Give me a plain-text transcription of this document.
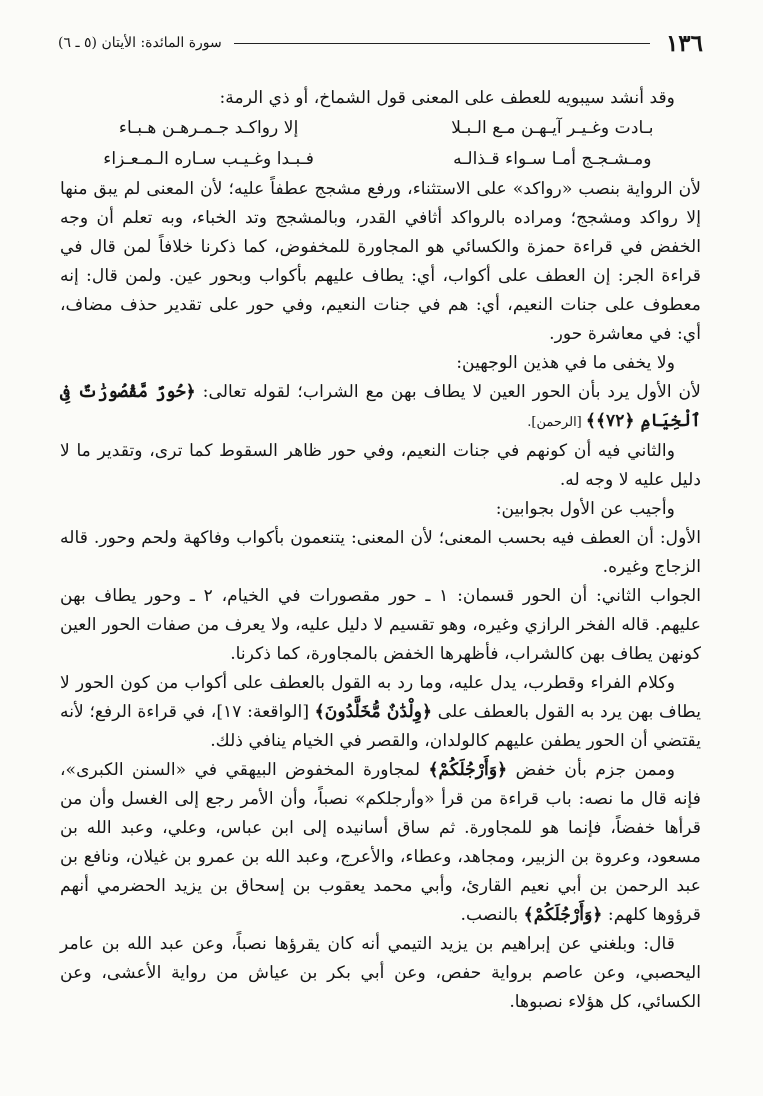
١٣٦
سورة المائدة: الأيتان (٥ ـ ٦)

وقد أنشد سيبويه للعطف على المعنى قول الشماخ، أو ذي الرمة:

بـادت وغـيـر آيـهـن مـع الـبـلا
إلا رواكـد جـمـرهـن هـبـاء
ومـشـجـج أمـا سـواء قـذالـه
فـبـدا وغـيـب سـاره الـمـعـزاء

لأن الرواية بنصب «رواكد» على الاستثناء، ورفع مشجج عطفاً عليه؛ لأن المعنى لم يبق منها إلا رواكد ومشجج؛ ومراده بالرواكد أثافي القدر، وبالمشجج وتد الخباء، وبه تعلم أن وجه الخفض في قراءة حمزة والكسائي هو المجاورة للمخفوض، كما ذكرنا خلافاً لمن قال في قراءة الجر: إن العطف على أكواب، أي: يطاف عليهم بأكواب وبحور عين. ولمن قال: إنه معطوف على جنات النعيم، أي: هم في جنات النعيم، وفي حور على تقدير حذف مضاف، أي: في معاشرة حور.

ولا يخفى ما في هذين الوجهين:

لأن الأول يرد بأن الحور العين لا يطاف بهن مع الشراب؛ لقوله تعالى: ﴿حُورٌ مَّقْصُورَٰتٌ فِى ٱلْخِيَامِ ﴿٧٢﴾﴾ [الرحمن].

والثاني فيه أن كونهم في جنات النعيم، وفي حور ظاهر السقوط كما ترى، وتقدير ما لا دليل عليه لا وجه له.

وأجيب عن الأول بجوابين:

الأول: أن العطف فيه بحسب المعنى؛ لأن المعنى: يتنعمون بأكواب وفاكهة ولحم وحور. قاله الزجاج وغيره.

الجواب الثاني: أن الحور قسمان: ١ ـ حور مقصورات في الخيام، ٢ ـ وحور يطاف بهن عليهم. قاله الفخر الرازي وغيره، وهو تقسيم لا دليل عليه، ولا يعرف من صفات الحور العين كونهن يطاف بهن كالشراب، فأظهرها الخفض بالمجاورة، كما ذكرنا.

وكلام الفراء وقطرب، يدل عليه، وما رد به القول بالعطف على أكواب من كون الحور لا يطاف بهن يرد به القول بالعطف على ﴿وِلْدَٰنٌ مُّخَلَّدُونَ﴾ [الواقعة: ١٧]، في قراءة الرفع؛ لأنه يقتضي أن الحور يطفن عليهم كالولدان، والقصر في الخيام ينافي ذلك.

وممن جزم بأن خفض ﴿وَأَرْجُلَكُمْ﴾ لمجاورة المخفوض البيهقي في «السنن الكبرى»، فإنه قال ما نصه: باب قراءة من قرأ «وأرجلكم» نصباً، وأن الأمر رجع إلى الغسل وأن من قرأها خفضاً، فإنما هو للمجاورة. ثم ساق أسانيده إلى ابن عباس، وعلي، وعبد الله بن مسعود، وعروة بن الزبير، ومجاهد، وعطاء، والأعرج، وعبد الله بن عمرو بن غيلان، ونافع بن عبد الرحمن بن أبي نعيم القارئ، وأبي محمد يعقوب بن إسحاق بن يزيد الحضرمي أنهم قرؤوها كلهم: ﴿وَأَرْجُلَكُمْ﴾ بالنصب.

قال: وبلغني عن إبراهيم بن يزيد التيمي أنه كان يقرؤها نصباً، وعن عبد الله بن عامر اليحصبي، وعن عاصم برواية حفص، وعن أبي بكر بن عياش من رواية الأعشى، وعن الكسائي، كل هؤلاء نصبوها.
